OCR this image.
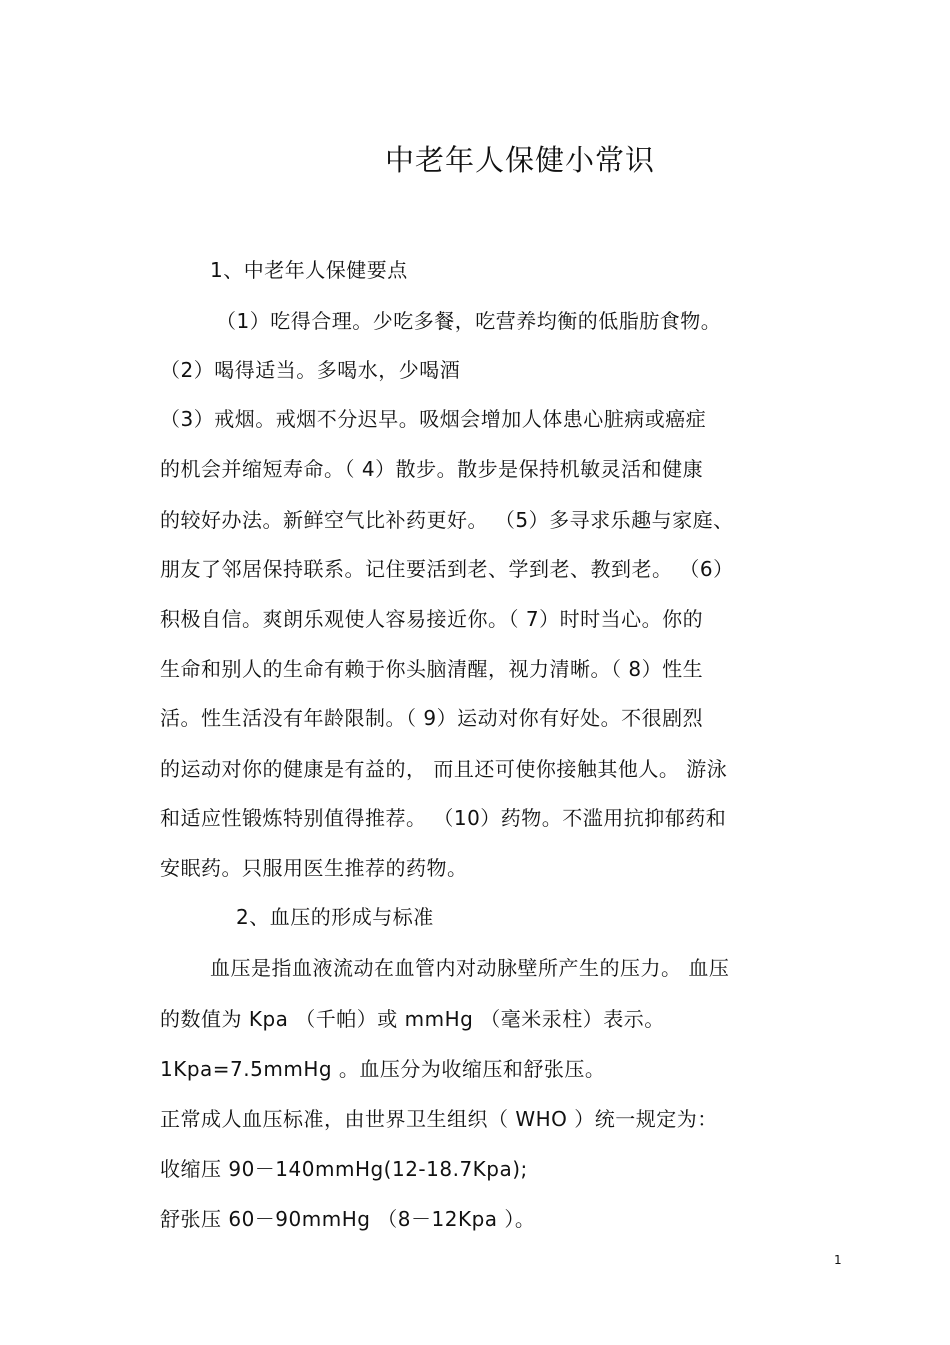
中老年人保健小常识
1、中老年人保健要点
（1）吃得合理。少吃多餐，吃营养均衡的低脂肪食物。
（2）喝得适当。多喝水，少喝酒
（3）戒烟。戒烟不分迟早。吸烟会增加人体患心脏病或癌症
的机会并缩短寿命。（ 4）散步。散步是保持机敏灵活和健康
的较好办法。新鲜空气比补药更好。 （5）多寻求乐趣与家庭、
朋友了邻居保持联系。记住要活到老、学到老、教到老。 （6）
积极自信。爽朗乐观使人容易接近你。（ 7）时时当心。你的
生命和别人的生命有赖于你头脑清醒，视力清晰。（ 8）性生
活。性生活没有年龄限制。（ 9）运动对你有好处。不很剧烈
的运动对你的健康是有益的， 而且还可使你接触其他人。 游泳
和适应性锻炼特别值得推荐。 （10）药物。不滥用抗抑郁药和
安眠药。只服用医生推荐的药物。
2、血压的形成与标准
血压是指血液流动在血管内对动脉壁所产生的压力。 血压
的数值为 Kpa （千帕）或 mmHg （毫米汞柱）表示。
1Kpa=7.5mmHg 。血压分为收缩压和舒张压。
正常成人血压标准，由世界卫生组织（ WHO ）统一规定为：
收缩压 90－140mmHg(12-18.7Kpa);
舒张压 60－90mmHg （8－12Kpa ）。
1
